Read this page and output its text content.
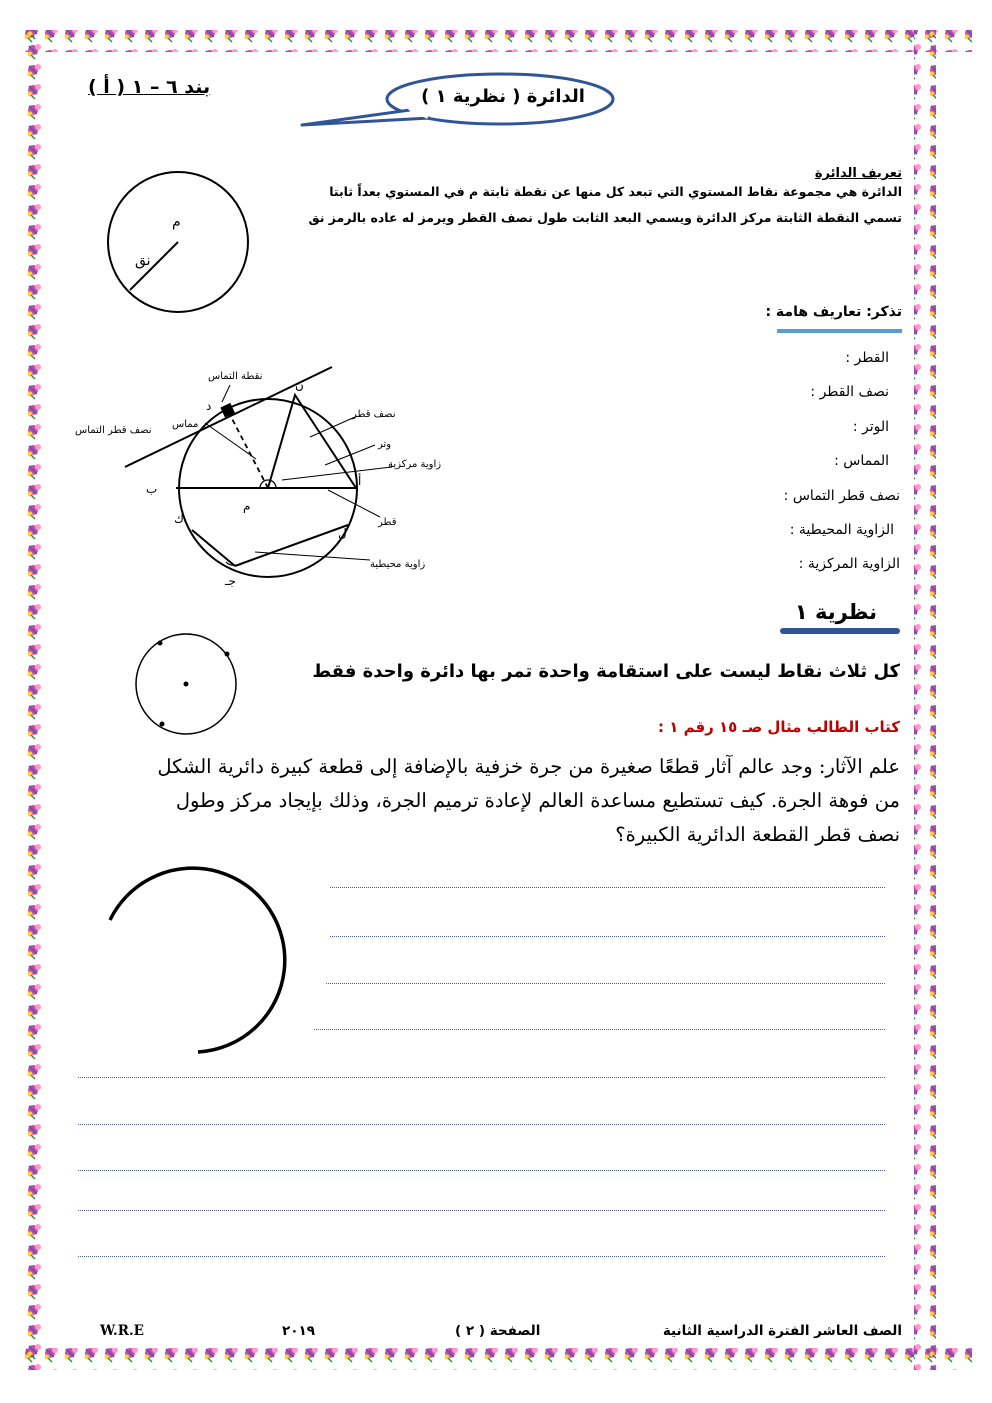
بند ٦ – ١ ( ﺃ )	الدائرة ( نظرية ١ )
تعريف الدائرة
الدائرة هي مجموعة نقاط المستوي التي تبعد كل منها عن نقطة ثابتة م في المستوي بعداً ثابتا
تسمي النقطة الثابتة مركز الدائرة ويسمي البعد الثابت طول نصف القطر ويرمز له عاده بالرمز نق
م
نق
تذكر: تعاريف هامة :
القطر :
نصف القطر :
الوتر :
المماس :
نصف قطر التماس :
الزاوية المحيطية :
الزاوية المركزية :
نقطة التماس
مماس
نصف قطر التماس
نصف قطر
وتر
زاوية مركزية
قطر
زاوية محيطية
د
ن
أ
ب
م
ك
ل
جـ
نظرية ١
كل ثلاث نقاط ليست على استقامة واحدة تمر بها دائرة واحدة فقط
كتاب الطالب مثال صـ ١٥ رقم ١ :
علم الآثار: وجد عالم آثار قطعًا صغيرة من جرة خزفية بالإضافة إلى قطعة كبيرة دائرية الشكل من فوهة الجرة. كيف تستطيع مساعدة العالم لإعادة ترميم الجرة، وذلك بإيجاد مركز وطول نصف قطر القطعة الدائرية الكبيرة؟
الصف العاشر الفترة الدراسية الثانية
الصفحة ( ٢ )
٢٠١٩
W.R.E
